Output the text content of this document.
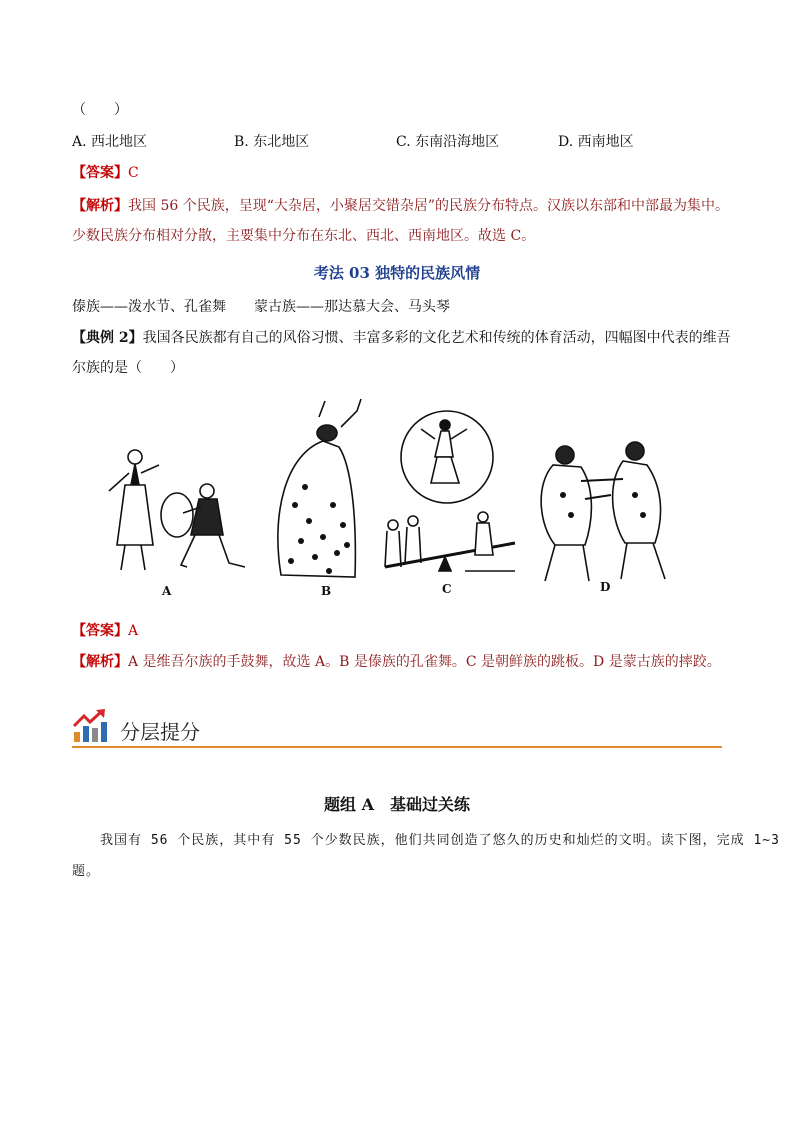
（　　）
A. 西北地区	B. 东北地区	C. 东南沿海地区	D. 西南地区
【答案】C
【解析】我国 56 个民族，呈现“大杂居，小聚居交错杂居”的民族分布特点。汉族以东部和中部最为集中。
少数民族分布相对分散，主要集中分布在东北、西北、西南地区。故选 C。
考法 03 独特的民族风情
傣族——泼水节、孔雀舞　　蒙古族——那达慕大会、马头琴
【典例 2】我国各民族都有自己的风俗习惯、丰富多彩的文化艺术和传统的体育活动，四幅图中代表的维吾
尔族的是（　　）
A	B	C	D
【答案】A
【解析】A 是维吾尔族的手鼓舞，故选 A。B 是傣族的孔雀舞。C 是朝鲜族的跳板。D 是蒙古族的摔跤。
分层提分
题组 A　基础过关练
我国有 56 个民族，其中有 55 个少数民族，他们共同创造了悠久的历史和灿烂的文明。读下图，完成 1~3
题。
